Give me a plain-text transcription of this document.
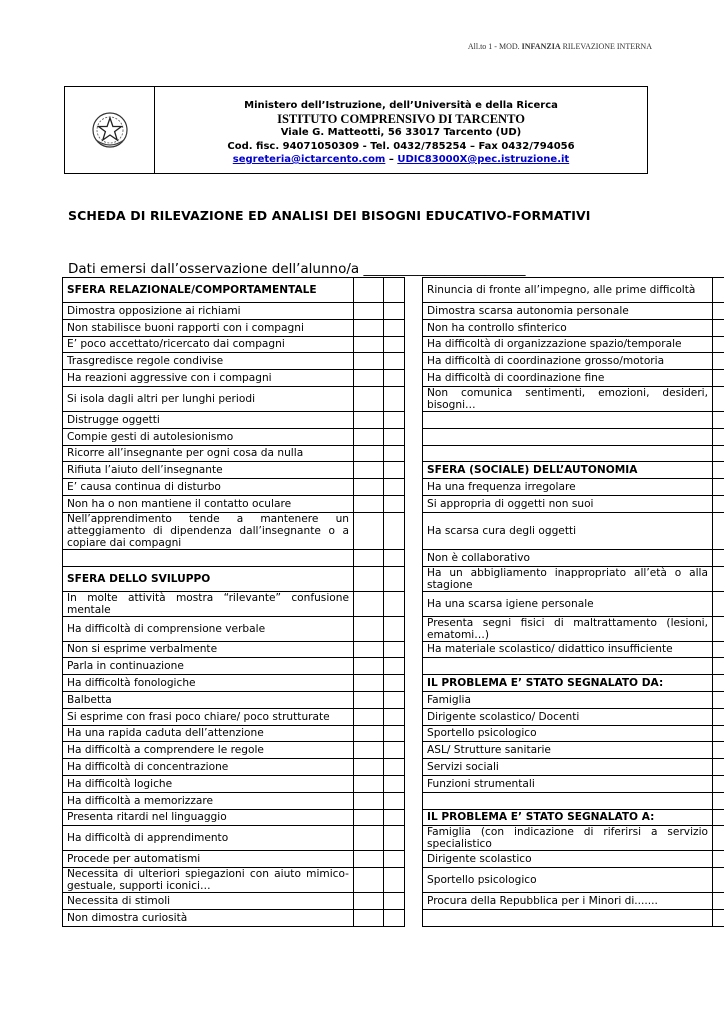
All.to 1 - MOD. INFANZIA RILEVAZIONE INTERNA
Ministero dell’Istruzione, dell’Università e della Ricerca
ISTITUTO COMPRENSIVO DI TARCENTO
Viale G. Matteotti, 56 33017 Tarcento (UD)
Cod. fisc. 94071050309 - Tel. 0432/785254 – Fax 0432/794056
segreteria@ictarcento.com – UDIC83000X@pec.istruzione.it
SCHEDA DI RILEVAZIONE ED ANALISI DEI BISOGNI EDUCATIVO-FORMATIVI
Dati emersi dall’osservazione dell’alunno/a ________________________
SFERA RELAZIONALE/COMPORTAMENTALE				Rinuncia di fronte all’impegno, alle prime difficoltà	
Dimostra opposizione ai richiami				Dimostra scarsa autonomia personale	
Non stabilisce buoni rapporti con i compagni				Non ha controllo sfinterico	
E’ poco accettato/ricercato dai compagni				Ha difficoltà di organizzazione spazio/temporale	
Trasgredisce regole condivise				Ha difficoltà di coordinazione grosso/motoria	
Ha reazioni aggressive con i compagni				Ha difficoltà di coordinazione fine	
Si isola dagli altri per lunghi periodi				Non comunica sentimenti, emozioni, desideri, bisogni…	
Distrugge oggetti					
Compie gesti di autolesionismo					
Ricorre all’insegnante per ogni cosa da nulla					
Rifiuta l’aiuto dell’insegnante				SFERA (SOCIALE) DELL’AUTONOMIA	
E’ causa continua di disturbo				Ha una frequenza irregolare	
Non ha o non mantiene il contatto oculare				Si appropria di oggetti non suoi	
Nell’apprendimento tende a mantenere un atteggiamento di dipendenza dall’insegnante o a copiare dai compagni				Ha scarsa cura degli oggetti	
				Non è collaborativo	
SFERA DELLO SVILUPPO				Ha un abbigliamento inappropriato all’età o alla stagione	
In molte attività mostra “rilevante” confusione mentale				Ha una scarsa igiene personale	
Ha difficoltà di comprensione verbale				Presenta segni fisici di maltrattamento (lesioni, ematomi…)	
Non si esprime verbalmente				Ha materiale scolastico/ didattico insufficiente	
Parla in continuazione					
Ha difficoltà fonologiche				IL PROBLEMA E’ STATO SEGNALATO DA:	
Balbetta				Famiglia	
Si esprime con frasi poco chiare/ poco strutturate				Dirigente scolastico/ Docenti	
Ha una rapida caduta dell’attenzione				Sportello psicologico	
Ha difficoltà a comprendere le regole				ASL/ Strutture sanitarie	
Ha difficoltà di concentrazione				Servizi sociali	
Ha difficoltà logiche				Funzioni strumentali	
Ha difficoltà a memorizzare					
Presenta ritardi nel linguaggio				IL PROBLEMA E’ STATO SEGNALATO A:	
Ha difficoltà di apprendimento				Famiglia (con indicazione di riferirsi a servizio specialistico	
Procede per automatismi				Dirigente scolastico	
Necessita di ulteriori spiegazioni con aiuto mimico-gestuale, supporti iconici…				Sportello psicologico	
Necessita di stimoli				Procura della Repubblica per i Minori di.......	
Non dimostra curiosità					
